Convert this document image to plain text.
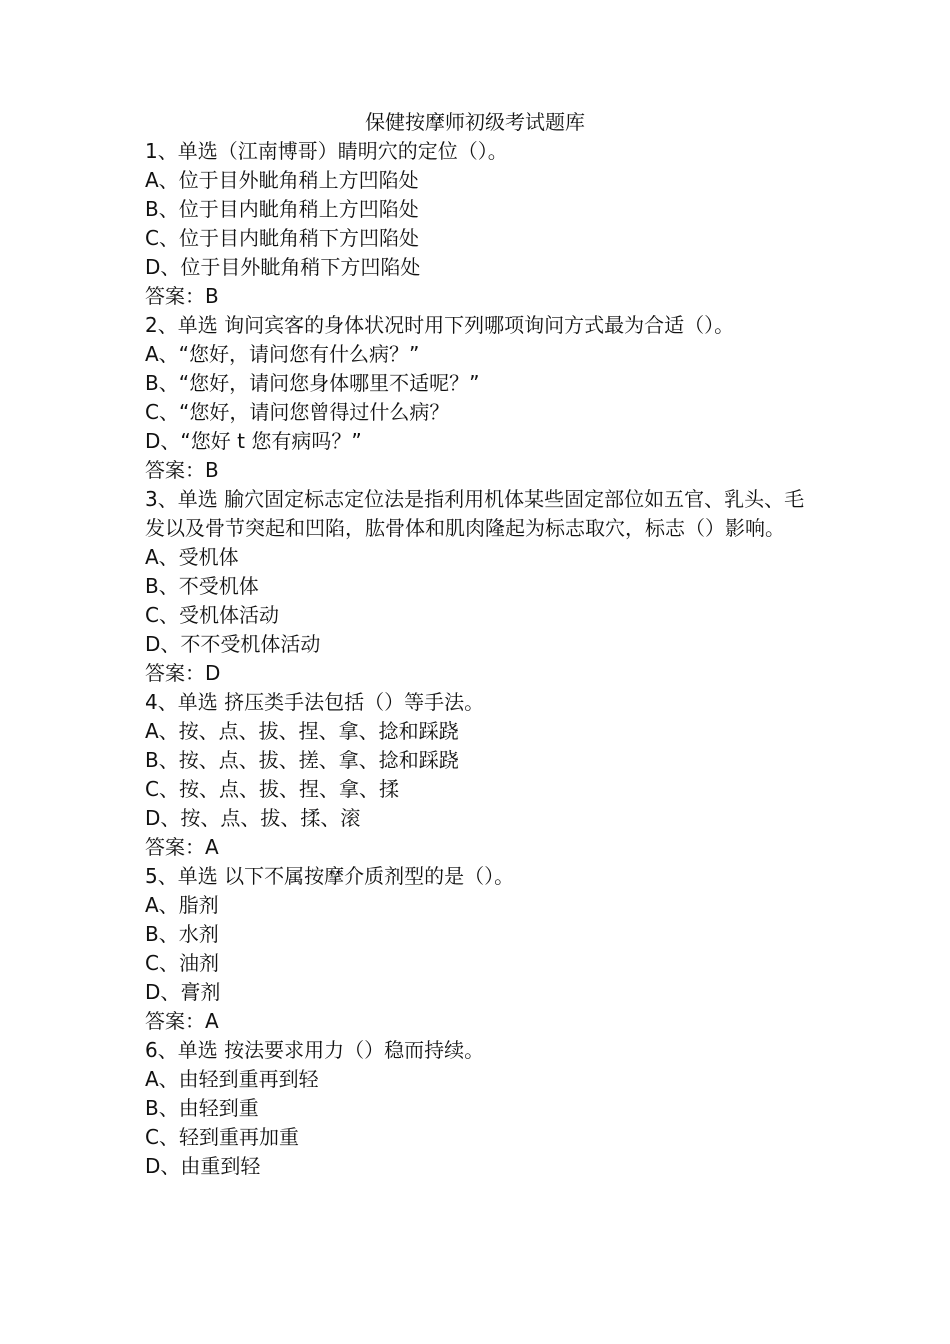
保健按摩师初级考试题库
1、单选（江南博哥）睛明穴的定位（）。
A、位于目外眦角稍上方凹陷处
B、位于目内眦角稍上方凹陷处
C、位于目内眦角稍下方凹陷处
D、位于目外眦角稍下方凹陷处
答案：B
2、单选 询问宾客的身体状况时用下列哪项询问方式最为合适（）。
A、“您好，请问您有什么病？”
B、“您好，请问您身体哪里不适呢？”
C、“您好，请问您曾得过什么病？
D、“您好 t 您有病吗？”
答案：B
3、单选 腧穴固定标志定位法是指利用机体某些固定部位如五官、乳头、毛发以及骨节突起和凹陷，肱骨体和肌肉隆起为标志取穴，标志（）影响。
A、受机体
B、不受机体
C、受机体活动
D、不不受机体活动
答案：D
4、单选 挤压类手法包括（）等手法。
A、按、点、拔、捏、拿、捻和踩跷
B、按、点、拔、搓、拿、捻和踩跷
C、按、点、拔、捏、拿、揉
D、按、点、拔、揉、滚
答案：A
5、单选 以下不属按摩介质剂型的是（）。
A、脂剂
B、水剂
C、油剂
D、膏剂
答案：A
6、单选 按法要求用力（）稳而持续。
A、由轻到重再到轻
B、由轻到重
C、轻到重再加重
D、由重到轻
